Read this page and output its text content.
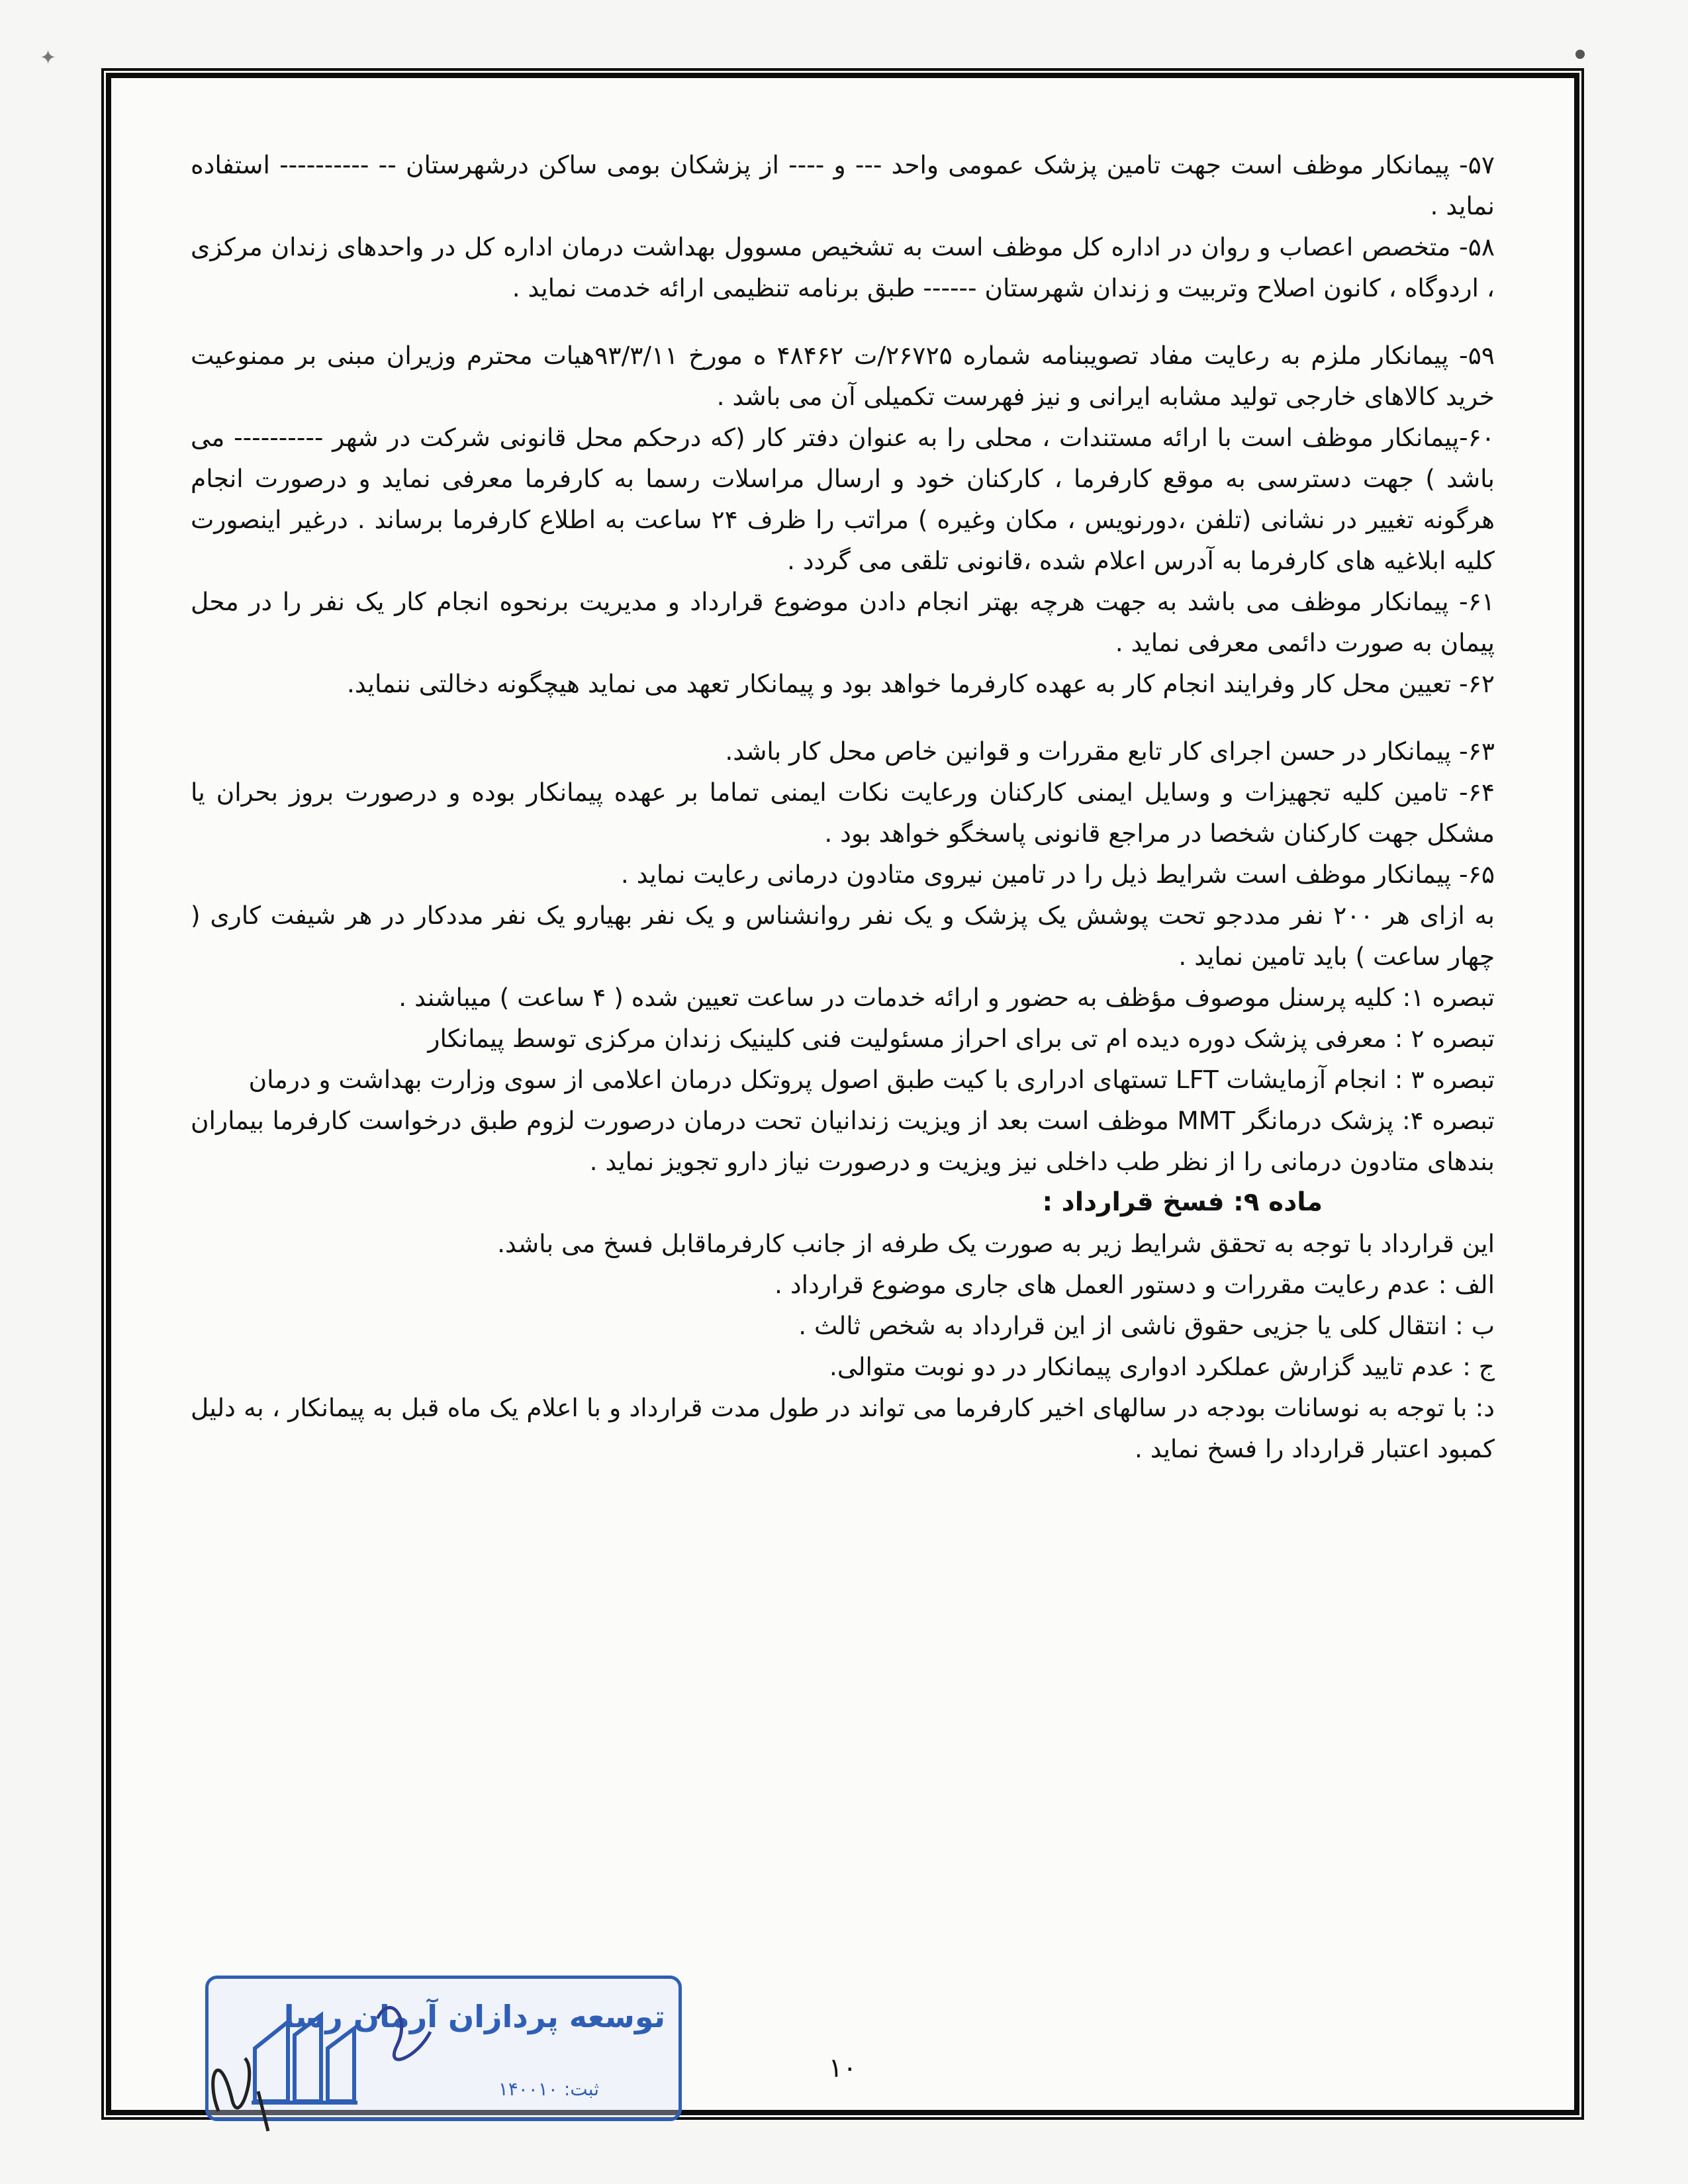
✦

۵۷- پیمانکار موظف است جهت تامین پزشک عمومی واحد --- و ---- از پزشکان بومی ساکن درشهرستان -- ---------- استفاده نماید .

۵۸- متخصص اعصاب و روان در اداره کل موظف است به تشخیص مسوول بهداشت درمان اداره کل در واحدهای زندان مرکزی ، اردوگاه ، کانون اصلاح وتربیت و زندان شهرستان ------ طبق برنامه تنظیمی ارائه خدمت نماید .

۵۹- پیمانکار ملزم به رعایت مفاد تصویبنامه شماره ۲۶۷۲۵/ت ۴۸۴۶۲ ه مورخ ۹۳/۳/۱۱هیات محترم وزیران مبنی بر ممنوعیت خرید کالاهای خارجی تولید مشابه ایرانی و نیز فهرست تکمیلی آن می باشد .

۶۰-پیمانکار موظف است با ارائه مستندات ، محلی را به عنوان دفتر کار (که درحکم محل قانونی شرکت در شهر ---------- می باشد ) جهت دسترسی به موقع کارفرما ، کارکنان خود و ارسال مراسلات رسما به کارفرما معرفی نماید و درصورت انجام هرگونه تغییر در نشانی (تلفن ،دورنویس ، مکان وغیره ) مراتب را ظرف ۲۴ ساعت به اطلاع کارفرما برساند . درغیر اینصورت کلیه ابلاغیه های کارفرما به آدرس اعلام شده ،قانونی تلقی می گردد .

۶۱- پیمانکار موظف می باشد به جهت هرچه بهتر انجام دادن موضوع قرارداد و مدیریت برنحوه انجام کار یک نفر را در محل پیمان به صورت دائمی معرفی نماید .

۶۲- تعیین محل کار وفرایند انجام کار به عهده کارفرما خواهد بود و پیمانکار تعهد می نماید هیچگونه دخالتی ننماید.

۶۳- پیمانکار در حسن اجرای کار تابع مقررات و قوانین خاص محل کار باشد.

۶۴- تامین کلیه تجهیزات و وسایل ایمنی کارکنان ورعایت نکات ایمنی تماما بر عهده پیمانکار بوده و درصورت بروز بحران یا مشکل جهت کارکنان شخصا در مراجع قانونی پاسخگو خواهد بود .

۶۵- پیمانکار موظف است شرایط ذیل را در تامین نیروی متادون درمانی رعایت نماید .

به ازای هر ۲۰۰ نفر مددجو تحت پوشش یک پزشک و یک نفر روانشناس و یک نفر بهیارو یک نفر مددکار در هر شیفت کاری ( چهار ساعت ) باید تامین نماید .

تبصره ۱: کلیه پرسنل موصوف مؤظف به حضور و ارائه خدمات در ساعت تعیین شده ( ۴ ساعت ) میباشند .

تبصره ۲ : معرفی پزشک دوره دیده ام تی برای احراز مسئولیت فنی کلینیک زندان مرکزی توسط پیمانکار

تبصره ۳ : انجام آزمایشات LFT تستهای ادراری با کیت طبق اصول پروتکل درمان اعلامی از سوی وزارت بهداشت و درمان

تبصره ۴: پزشک درمانگر MMT موظف است بعد از ویزیت زندانیان تحت درمان درصورت لزوم طبق درخواست کارفرما بیماران بندهای متادون درمانی را از نظر طب داخلی نیز ویزیت و درصورت نیاز دارو تجویز نماید .

ماده ۹: فسخ قرارداد :

این قرارداد با توجه به تحقق شرایط زیر به صورت یک طرفه از جانب کارفرماقابل فسخ می باشد.

الف : عدم رعایت مقررات و دستور العمل های جاری موضوع قرارداد .

ب : انتقال کلی یا جزیی حقوق ناشی از این قرارداد به شخص ثالث .

ج : عدم تایید گزارش عملکرد ادواری پیمانکار در دو نوبت متوالی.

د: با توجه به نوسانات بودجه در سالهای اخیر کارفرما می تواند در طول مدت قرارداد و با اعلام یک ماه قبل به پیمانکار ، به دلیل کمبود اعتبار قرارداد را فسخ نماید .

۱۰
توسعه پردازان آرمان رسا
ثبت: ۱۴۰۰۱۰
